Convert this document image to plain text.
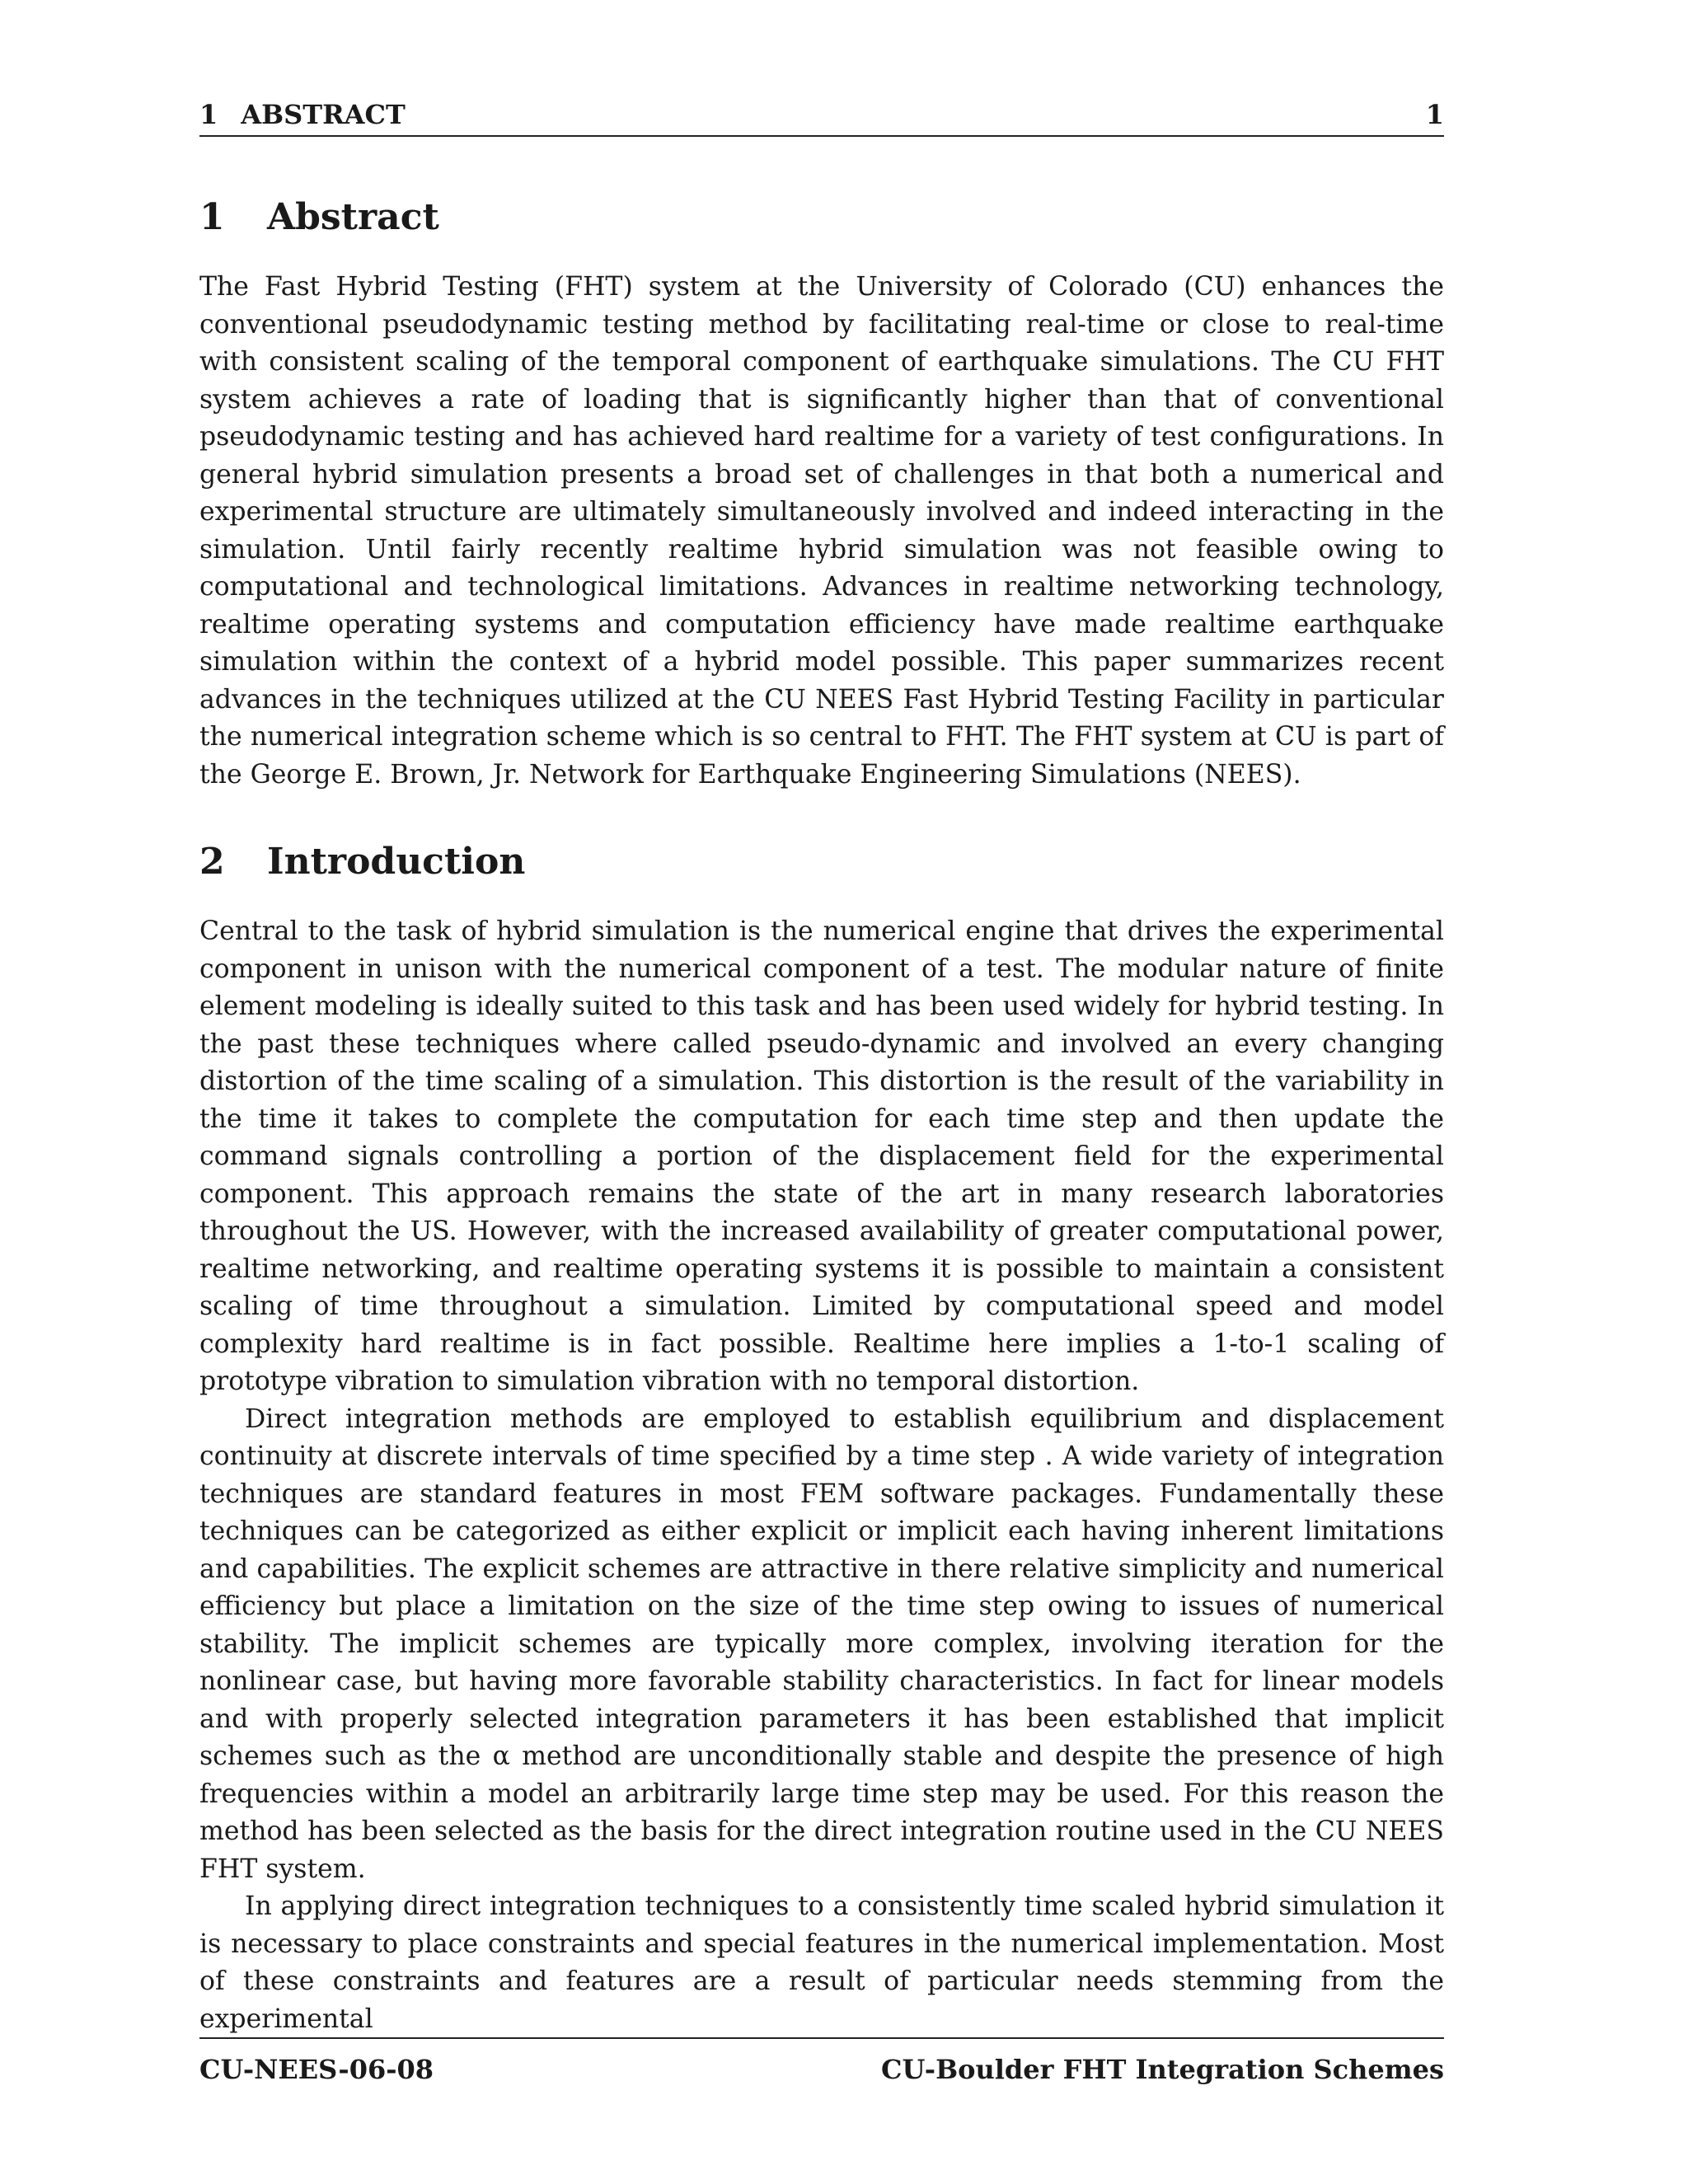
1 ABSTRACT	1
1 Abstract

The Fast Hybrid Testing (FHT) system at the University of Colorado (CU) enhances the conventional pseudodynamic testing method by facilitating real-time or close to real-time with consistent scaling of the temporal component of earthquake simulations. The CU FHT system achieves a rate of loading that is significantly higher than that of conventional pseudodynamic testing and has achieved hard realtime for a variety of test configurations. In general hybrid simulation presents a broad set of challenges in that both a numerical and experimental structure are ultimately simultaneously involved and indeed interacting in the simulation. Until fairly recently realtime hybrid simulation was not feasible owing to computational and technological limitations. Advances in realtime networking technology, realtime operating systems and computation efficiency have made realtime earthquake simulation within the context of a hybrid model possible. This paper summarizes recent advances in the techniques utilized at the CU NEES Fast Hybrid Testing Facility in particular the numerical integration scheme which is so central to FHT. The FHT system at CU is part of the George E. Brown, Jr. Network for Earthquake Engineering Simulations (NEES).

2 Introduction

Central to the task of hybrid simulation is the numerical engine that drives the experimental component in unison with the numerical component of a test. The modular nature of finite element modeling is ideally suited to this task and has been used widely for hybrid testing. In the past these techniques where called pseudo-dynamic and involved an every changing distortion of the time scaling of a simulation. This distortion is the result of the variability in the time it takes to complete the computation for each time step and then update the command signals controlling a portion of the displacement field for the experimental component. This approach remains the state of the art in many research laboratories throughout the US. However, with the increased availability of greater computational power, realtime networking, and realtime operating systems it is possible to maintain a consistent scaling of time throughout a simulation. Limited by computational speed and model complexity hard realtime is in fact possible. Realtime here implies a 1-to-1 scaling of prototype vibration to simulation vibration with no temporal distortion.

Direct integration methods are employed to establish equilibrium and displacement continuity at discrete intervals of time specified by a time step . A wide variety of integration techniques are standard features in most FEM software packages. Fundamentally these techniques can be categorized as either explicit or implicit each having inherent limitations and capabilities. The explicit schemes are attractive in there relative simplicity and numerical efficiency but place a limitation on the size of the time step owing to issues of numerical stability. The implicit schemes are typically more complex, involving iteration for the nonlinear case, but having more favorable stability characteristics. In fact for linear models and with properly selected integration parameters it has been established that implicit schemes such as the α method are unconditionally stable and despite the presence of high frequencies within a model an arbitrarily large time step may be used. For this reason the method has been selected as the basis for the direct integration routine used in the CU NEES FHT system.

In applying direct integration techniques to a consistently time scaled hybrid simulation it is necessary to place constraints and special features in the numerical implementation. Most of these constraints and features are a result of particular needs stemming from the experimental

CU-NEES-06-08	CU-Boulder FHT Integration Schemes
